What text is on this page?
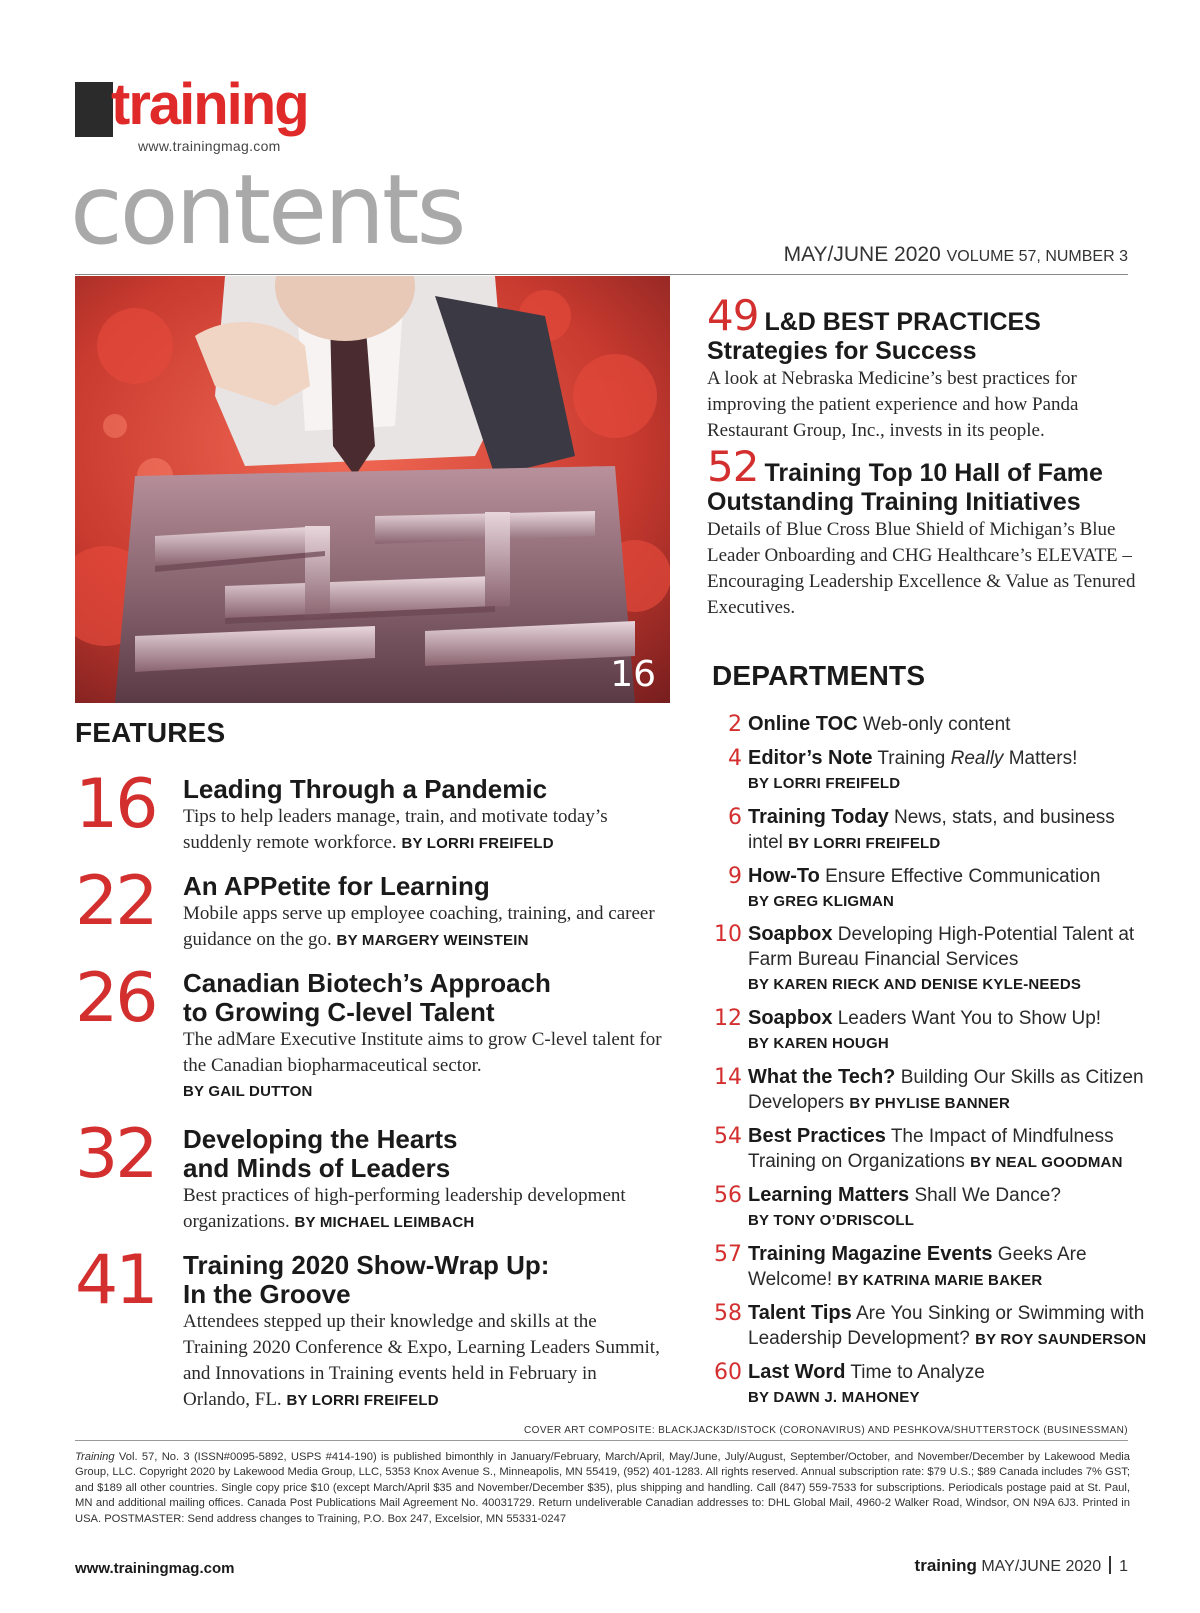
training
www.trainingmag.com
contents	MAY/JUNE 2020 VOLUME 57, NUMBER 3
16
49 L&D BEST PRACTICES
Strategies for Success
A look at Nebraska Medicine’s best practices for improving the patient experience and how Panda Restaurant Group, Inc., invests in its people.
52 Training Top 10 Hall of Fame
Outstanding Training Initiatives
Details of Blue Cross Blue Shield of Michigan’s Blue Leader Onboarding and CHG Healthcare’s ELEVATE – Encouraging Leadership Excellence & Value as Tenured Executives.
FEATURES
16	Leading Through a Pandemic
Tips to help leaders manage, train, and motivate today’s suddenly remote workforce. BY LORRI FREIFELD
22	An APPetite for Learning
Mobile apps serve up employee coaching, training, and career guidance on the go. BY MARGERY WEINSTEIN
26	Canadian Biotech’s Approach
to Growing C-level Talent
The adMare Executive Institute aims to grow C-level talent for the Canadian biopharmaceutical sector.
BY GAIL DUTTON
32	Developing the Hearts
and Minds of Leaders
Best practices of high-performing leadership development organizations. BY MICHAEL LEIMBACH
41	Training 2020 Show-Wrap Up:
In the Groove
Attendees stepped up their knowledge and skills at the Training 2020 Conference & Expo, Learning Leaders Summit, and Innovations in Training events held in February in Orlando, FL. BY LORRI FREIFELD
DEPARTMENTS
2 Online TOC Web-only content
4 Editor’s Note Training Really Matters!
BY LORRI FREIFELD
6 Training Today News, stats, and business intel BY LORRI FREIFELD
9 How-To Ensure Effective Communication
BY GREG KLIGMAN
10 Soapbox Developing High-Potential Talent at Farm Bureau Financial Services
BY KAREN RIECK AND DENISE KYLE-NEEDS
12 Soapbox Leaders Want You to Show Up!
BY KAREN HOUGH
14 What the Tech? Building Our Skills as Citizen Developers BY PHYLISE BANNER
54 Best Practices The Impact of Mindfulness Training on Organizations BY NEAL GOODMAN
56 Learning Matters Shall We Dance?
BY TONY O’DRISCOLL
57 Training Magazine Events Geeks Are Welcome! BY KATRINA MARIE BAKER
58 Talent Tips Are You Sinking or Swimming with Leadership Development? BY ROY SAUNDERSON
60 Last Word Time to Analyze
BY DAWN J. MAHONEY
COVER ART COMPOSITE: BLACKJACK3D/ISTOCK (CORONAVIRUS) AND PESHKOVA/SHUTTERSTOCK (BUSINESSMAN)
Training Vol. 57, No. 3 (ISSN#0095-5892, USPS #414-190) is published bimonthly in January/February, March/April, May/June, July/August, September/October, and November/December by Lakewood Media Group, LLC. Copyright 2020 by Lakewood Media Group, LLC, 5353 Knox Avenue S., Minneapolis, MN 55419, (952) 401-1283. All rights reserved. Annual subscription rate: $79 U.S.; $89 Canada includes 7% GST; and $189 all other countries. Single copy price $10 (except March/April $35 and November/December $35), plus shipping and handling. Call (847) 559-7533 for subscriptions. Periodicals postage paid at St. Paul, MN and additional mailing offices. Canada Post Publications Mail Agreement No. 40031729. Return undeliverable Canadian addresses to: DHL Global Mail, 4960-2 Walker Road, Windsor, ON N9A 6J3. Printed in USA. POSTMASTER: Send address changes to Training, P.O. Box 247, Excelsior, MN 55331-0247
www.trainingmag.com	training MAY/JUNE 2020 1
